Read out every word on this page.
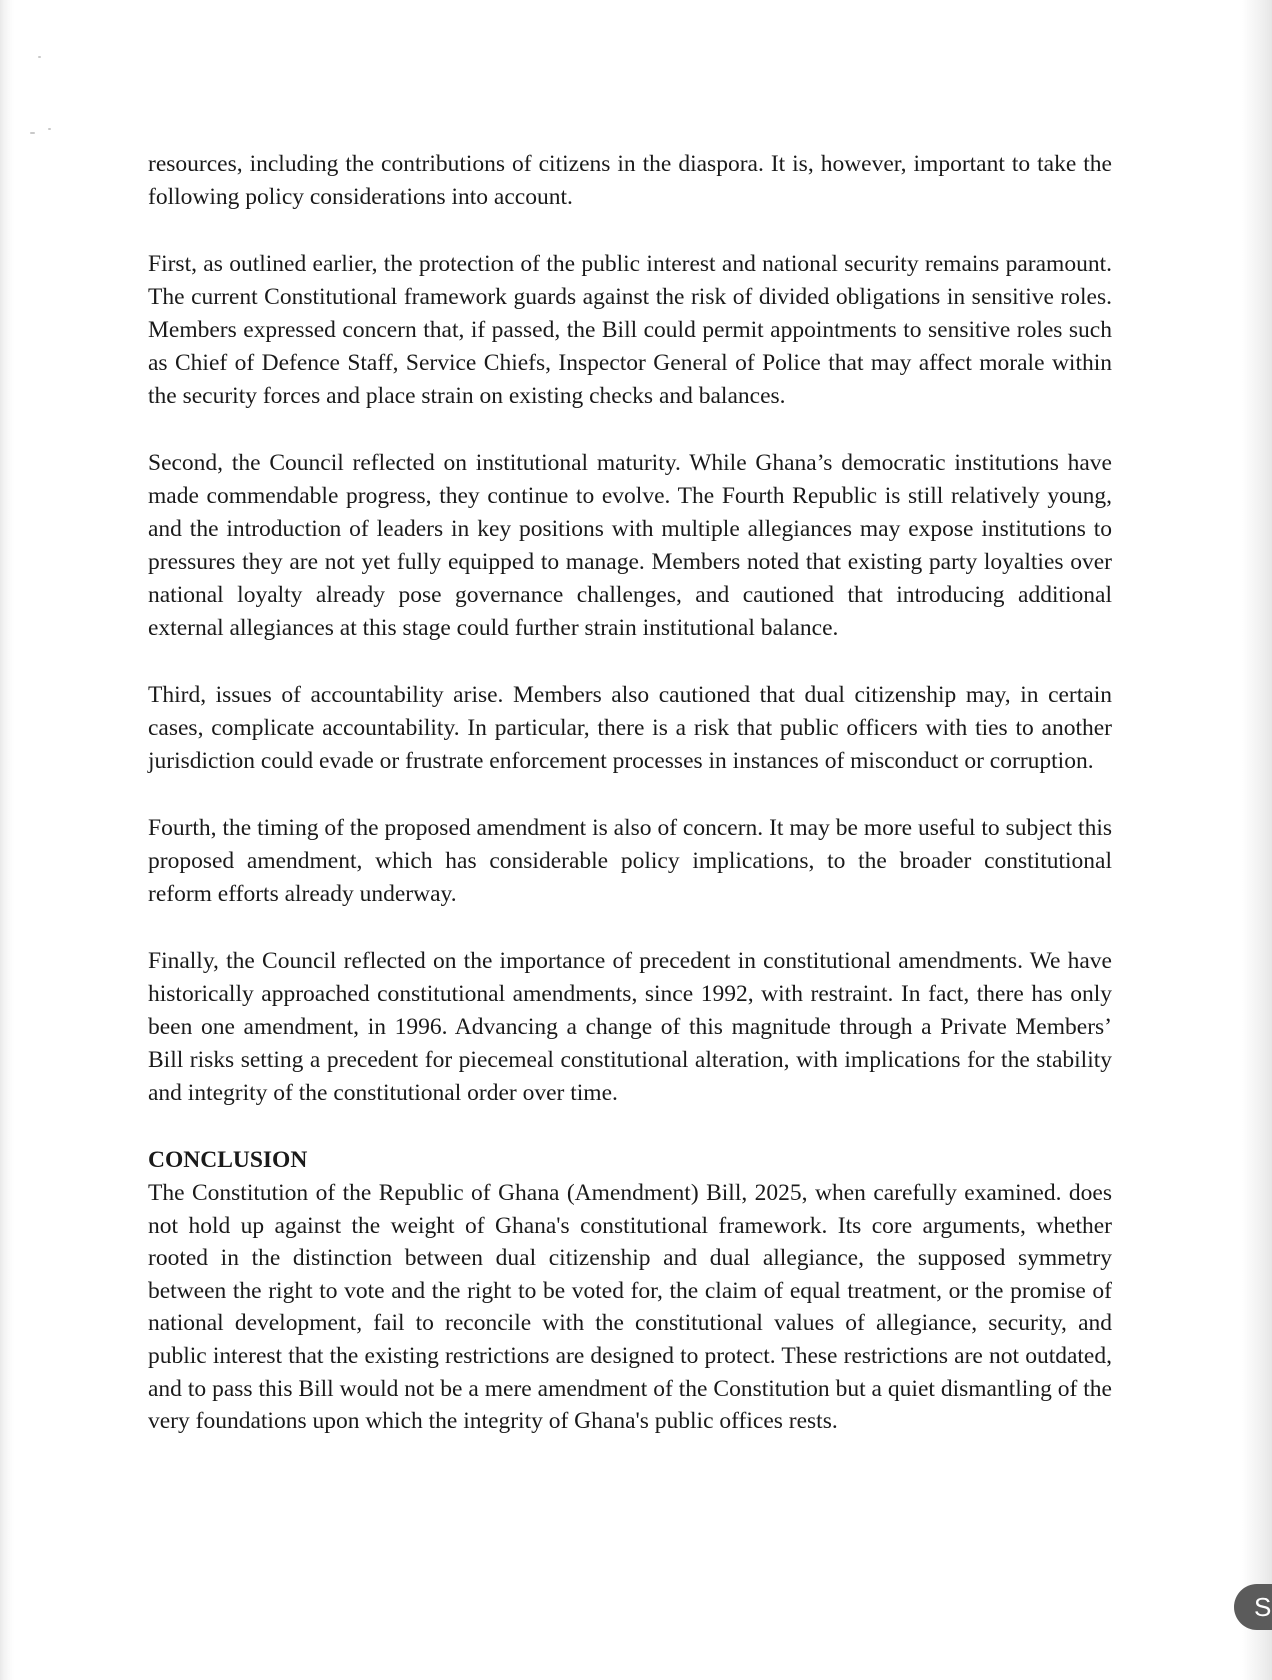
resources, including the contributions of citizens in the diaspora. It is, however, important to take the following policy considerations into account.

First, as outlined earlier, the protection of the public interest and national security remains paramount. The current Constitutional framework guards against the risk of divided obligations in sensitive roles. Members expressed concern that, if passed, the Bill could permit appointments to sensitive roles such as Chief of Defence Staff, Service Chiefs, Inspector General of Police that may affect morale within the security forces and place strain on existing checks and balances.

Second, the Council reflected on institutional maturity. While Ghana’s democratic institutions have made commendable progress, they continue to evolve. The Fourth Republic is still relatively young, and the introduction of leaders in key positions with multiple allegiances may expose institutions to pressures they are not yet fully equipped to manage. Members noted that existing party loyalties over national loyalty already pose governance challenges, and cautioned that introducing additional external allegiances at this stage could further strain institutional balance.

Third, issues of accountability arise. Members also cautioned that dual citizenship may, in certain cases, complicate accountability. In particular, there is a risk that public officers with ties to another jurisdiction could evade or frustrate enforcement processes in instances of misconduct or corruption.

Fourth, the timing of the proposed amendment is also of concern. It may be more useful to subject this proposed amendment, which has considerable policy implications, to the broader constitutional reform efforts already underway.

Finally, the Council reflected on the importance of precedent in constitutional amendments. We have historically approached constitutional amendments, since 1992, with restraint. In fact, there has only been one amendment, in 1996. Advancing a change of this magnitude through a Private Members’ Bill risks setting a precedent for piecemeal constitutional alteration, with implications for the stability and integrity of the constitutional order over time.

CONCLUSION

The Constitution of the Republic of Ghana (Amendment) Bill, 2025, when carefully examined. does not hold up against the weight of Ghana's constitutional framework. Its core arguments, whether rooted in the distinction between dual citizenship and dual allegiance, the supposed symmetry between the right to vote and the right to be voted for, the claim of equal treatment, or the promise of national development, fail to reconcile with the constitutional values of allegiance, security, and public interest that the existing restrictions are designed to protect. These restrictions are not outdated, and to pass this Bill would not be a mere amendment of the Constitution but a quiet dismantling of the very foundations upon which the integrity of Ghana's public offices rests.

S
